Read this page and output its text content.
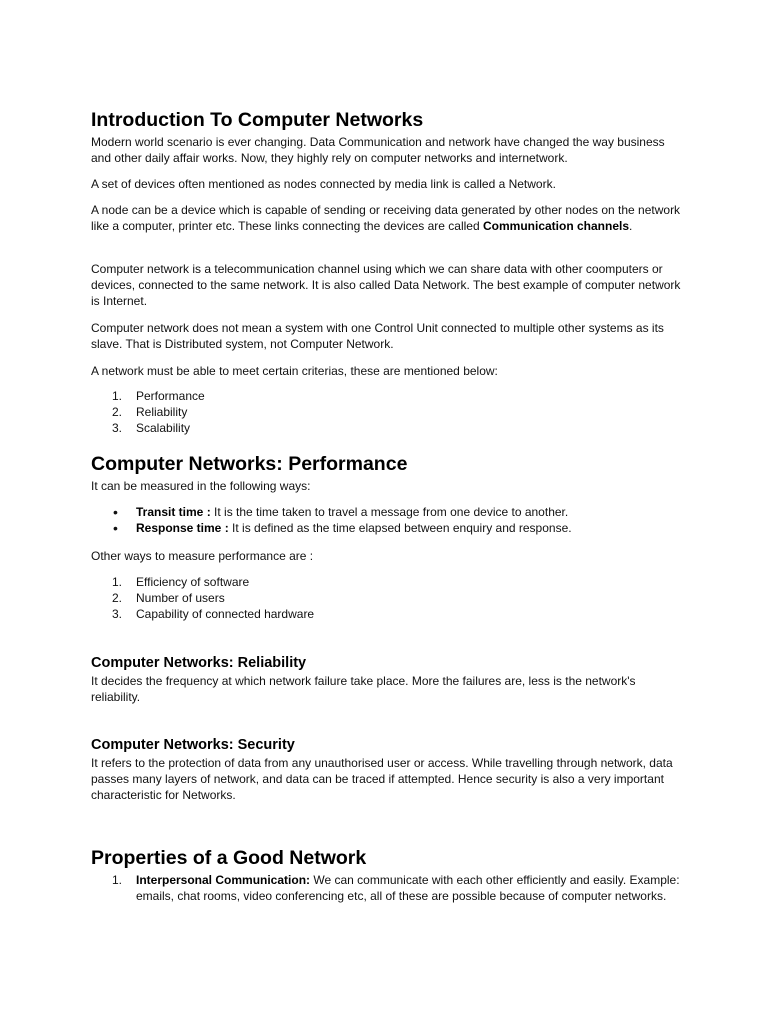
Introduction To Computer Networks

Modern world scenario is ever changing. Data Communication and network have changed the way business and other daily affair works. Now, they highly rely on computer networks and internetwork.

A set of devices often mentioned as nodes connected by media link is called a Network.

A node can be a device which is capable of sending or receiving data generated by other nodes on the network like a computer, printer etc. These links connecting the devices are called Communication channels.

Computer network is a telecommunication channel using which we can share data with other coomputers or devices, connected to the same network. It is also called Data Network. The best example of computer network is Internet.

Computer network does not mean a system with one Control Unit connected to multiple other systems as its slave. That is Distributed system, not Computer Network.

A network must be able to meet certain criterias, these are mentioned below:

1. Performance
2. Reliability
3. Scalability
Computer Networks: Performance

It can be measured in the following ways:

• Transit time : It is the time taken to travel a message from one device to another.
• Response time : It is defined as the time elapsed between enquiry and response.

Other ways to measure performance are :

1. Efficiency of software
2. Number of users
3. Capability of connected hardware
Computer Networks: Reliability

It decides the frequency at which network failure take place. More the failures are, less is the network's reliability.

Computer Networks: Security

It refers to the protection of data from any unauthorised user or access. While travelling through network, data passes many layers of network, and data can be traced if attempted. Hence security is also a very important characteristic for Networks.

Properties of a Good Network
1. Interpersonal Communication: We can communicate with each other efficiently and easily. Example: emails, chat rooms, video conferencing etc, all of these are possible because of computer networks.
